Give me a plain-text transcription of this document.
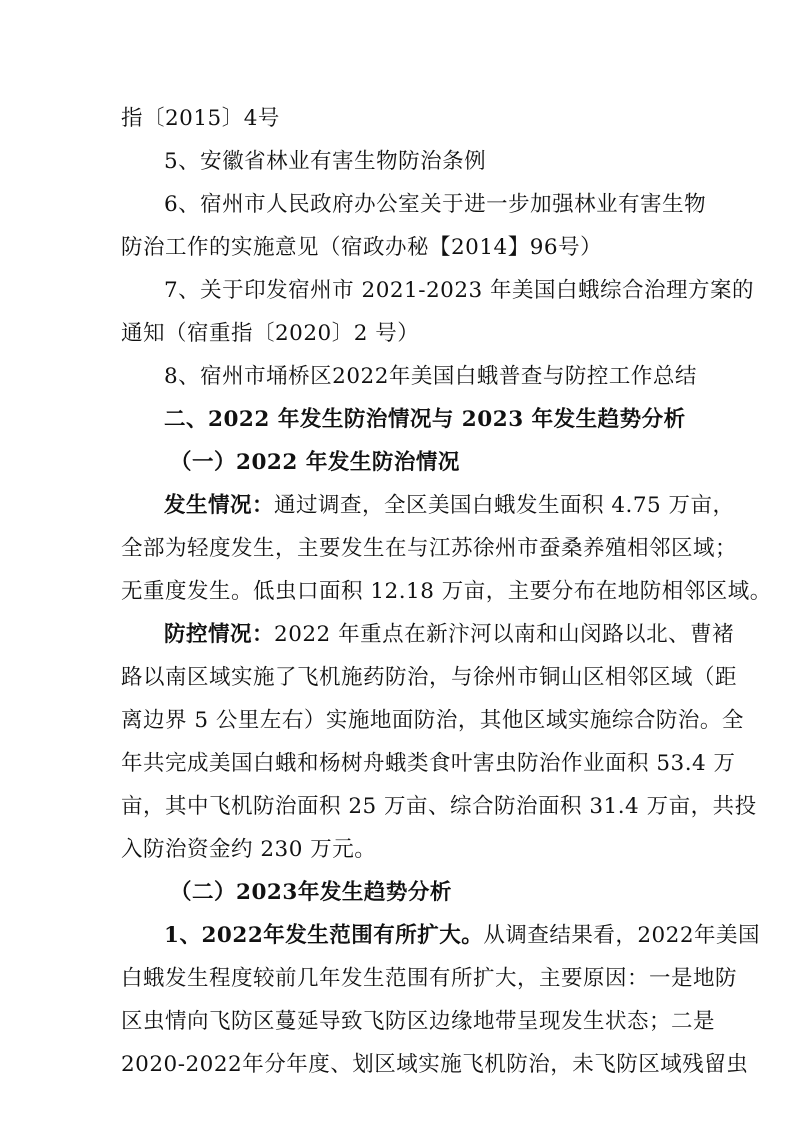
指〔2015〕4号
5、安徽省林业有害生物防治条例
6、宿州市人民政府办公室关于进一步加强林业有害生物
防治工作的实施意见（宿政办秘【2014】96号）
7、关于印发宿州市 2021-2023 年美国白蛾综合治理方案的
通知（宿重指〔2020〕2 号）
8、宿州市埇桥区2022年美国白蛾普查与防控工作总结
二、2022 年发生防治情况与 2023 年发生趋势分析
（一）2022 年发生防治情况
发生情况：通过调查，全区美国白蛾发生面积 4.75 万亩，
全部为轻度发生，主要发生在与江苏徐州市蚕桑养殖相邻区域；
无重度发生。低虫口面积 12.18 万亩，主要分布在地防相邻区域。
防控情况：2022 年重点在新汴河以南和山闵路以北、曹褚
路以南区域实施了飞机施药防治，与徐州市铜山区相邻区域（距
离边界 5 公里左右）实施地面防治，其他区域实施综合防治。全
年共完成美国白蛾和杨树舟蛾类食叶害虫防治作业面积 53.4 万
亩，其中飞机防治面积 25 万亩、综合防治面积 31.4 万亩，共投
入防治资金约 230 万元。
（二）2023年发生趋势分析
1、2022年发生范围有所扩大。从调查结果看，2022年美国
白蛾发生程度较前几年发生范围有所扩大，主要原因：一是地防
区虫情向飞防区蔓延导致飞防区边缘地带呈现发生状态；二是
2020-2022年分年度、划区域实施飞机防治，未飞防区域残留虫
